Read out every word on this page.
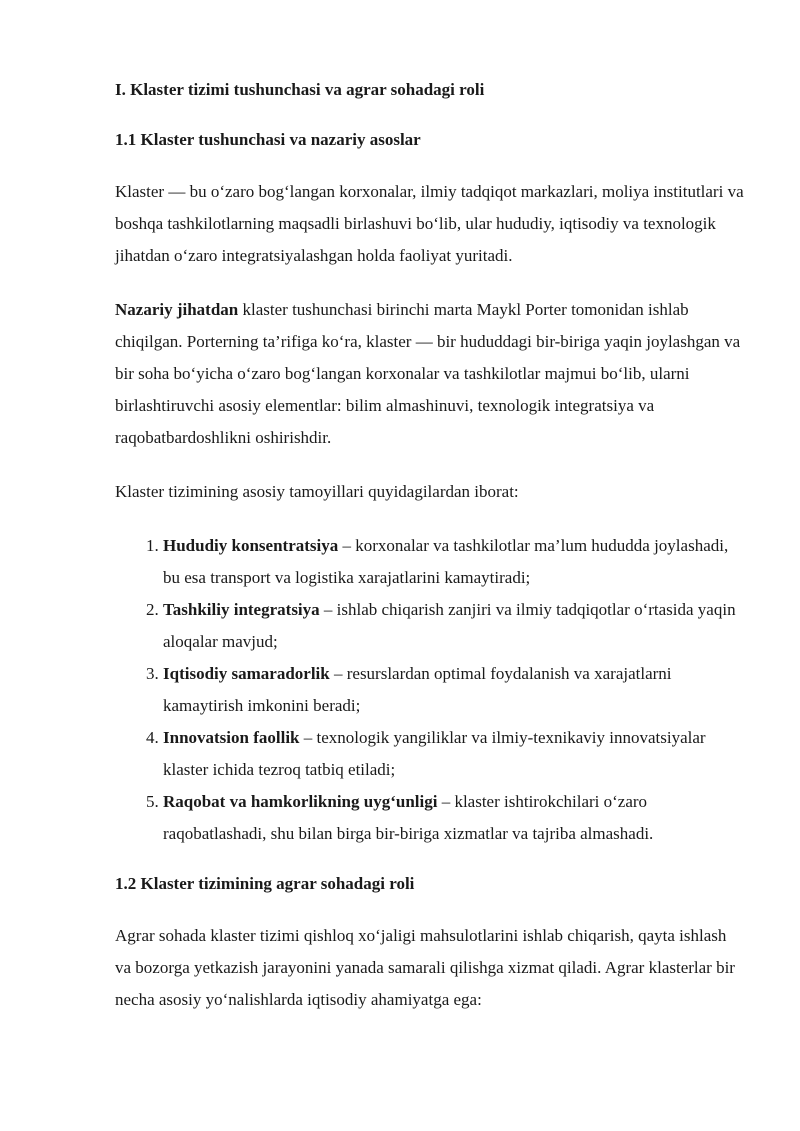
I. Klaster tizimi tushunchasi va agrar sohadagi roli
1.1 Klaster tushunchasi va nazariy asoslar

Klaster — bu o‘zaro bog‘langan korxonalar, ilmiy tadqiqot markazlari, moliya institutlari va boshqa tashkilotlarning maqsadli birlashuvi bo‘lib, ular hududiy, iqtisodiy va texnologik jihatdan o‘zaro integratsiyalashgan holda faoliyat yuritadi.

Nazariy jihatdan klaster tushunchasi birinchi marta Maykl Porter tomonidan ishlab chiqilgan. Porterning ta’rifiga ko‘ra, klaster — bir hududdagi bir-biriga yaqin joylashgan va bir soha bo‘yicha o‘zaro bog‘langan korxonalar va tashkilotlar majmui bo‘lib, ularni birlashtiruvchi asosiy elementlar: bilim almashinuvi, texnologik integratsiya va raqobatbardoshlikni oshirishdir.

Klaster tizimining asosiy tamoyillari quyidagilardan iborat:

1. Hududiy konsentratsiya – korxonalar va tashkilotlar ma’lum hududda joylashadi, bu esa transport va logistika xarajatlarini kamaytiradi;
2. Tashkiliy integratsiya – ishlab chiqarish zanjiri va ilmiy tadqiqotlar o‘rtasida yaqin aloqalar mavjud;
3. Iqtisodiy samaradorlik – resurslardan optimal foydalanish va xarajatlarni kamaytirish imkonini beradi;
4. Innovatsion faollik – texnologik yangiliklar va ilmiy-texnikaviy innovatsiyalar klaster ichida tezroq tatbiq etiladi;
5. Raqobat va hamkorlikning uyg‘unligi – klaster ishtirokchilari o‘zaro raqobatlashadi, shu bilan birga bir-biriga xizmatlar va tajriba almashadi.
1.2 Klaster tizimining agrar sohadagi roli

Agrar sohada klaster tizimi qishloq xo‘jaligi mahsulotlarini ishlab chiqarish, qayta ishlash va bozorga yetkazish jarayonini yanada samarali qilishga xizmat qiladi. Agrar klasterlar bir necha asosiy yo‘nalishlarda iqtisodiy ahamiyatga ega:
